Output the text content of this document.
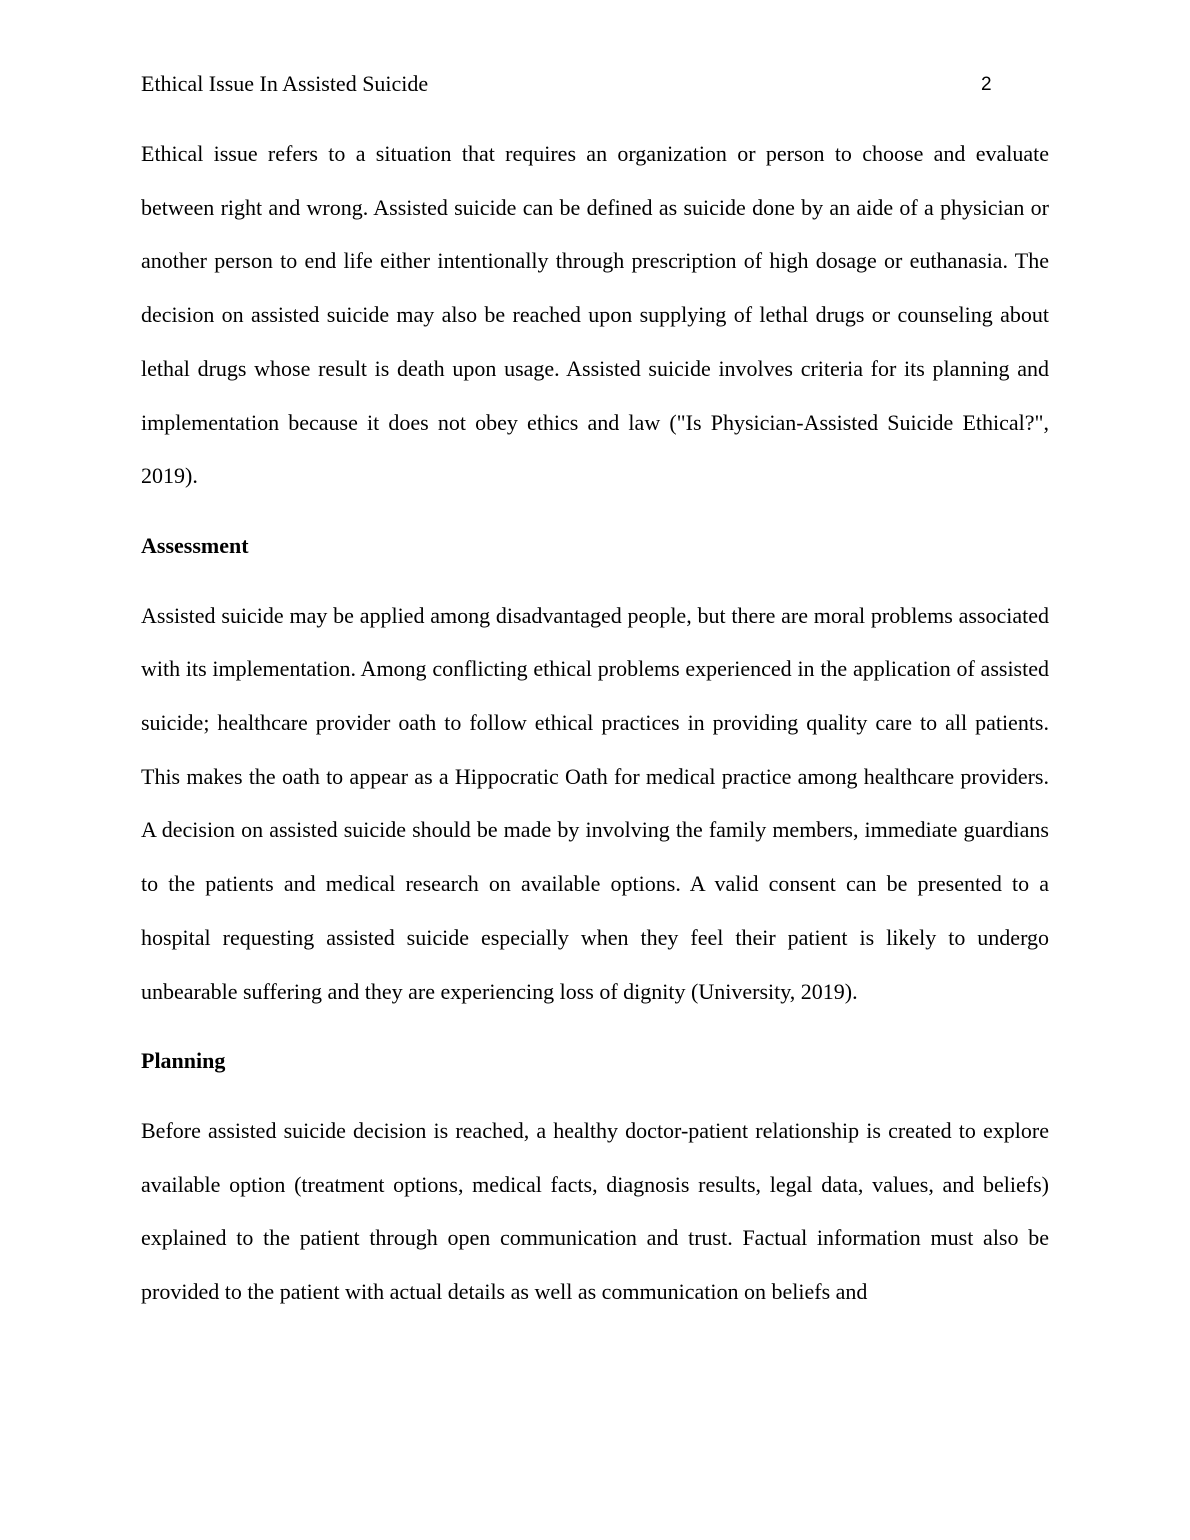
Ethical Issue In Assisted Suicide	2

Ethical issue refers to a situation that requires an organization or person to choose and evaluate between right and wrong. Assisted suicide can be defined as suicide done by an aide of a physician or another person to end life either intentionally through prescription of high dosage or euthanasia. The decision on assisted suicide may also be reached upon supplying of lethal drugs or counseling about lethal drugs whose result is death upon usage. Assisted suicide involves criteria for its planning and implementation because it does not obey ethics and law ("Is Physician-Assisted Suicide Ethical?", 2019).

Assessment

Assisted suicide may be applied among disadvantaged people, but there are moral problems associated with its implementation. Among conflicting ethical problems experienced in the application of assisted suicide; healthcare provider oath to follow ethical practices in providing quality care to all patients. This makes the oath to appear as a Hippocratic Oath for medical practice among healthcare providers. A decision on assisted suicide should be made by involving the family members, immediate guardians to the patients and medical research on available options. A valid consent can be presented to a hospital requesting assisted suicide especially when they feel their patient is likely to undergo unbearable suffering and they are experiencing loss of dignity (University, 2019).

Planning

Before assisted suicide decision is reached, a healthy doctor-patient relationship is created to explore available option (treatment options, medical facts, diagnosis results, legal data, values, and beliefs) explained to the patient through open communication and trust. Factual information must also be provided to the patient with actual details as well as communication on beliefs and
